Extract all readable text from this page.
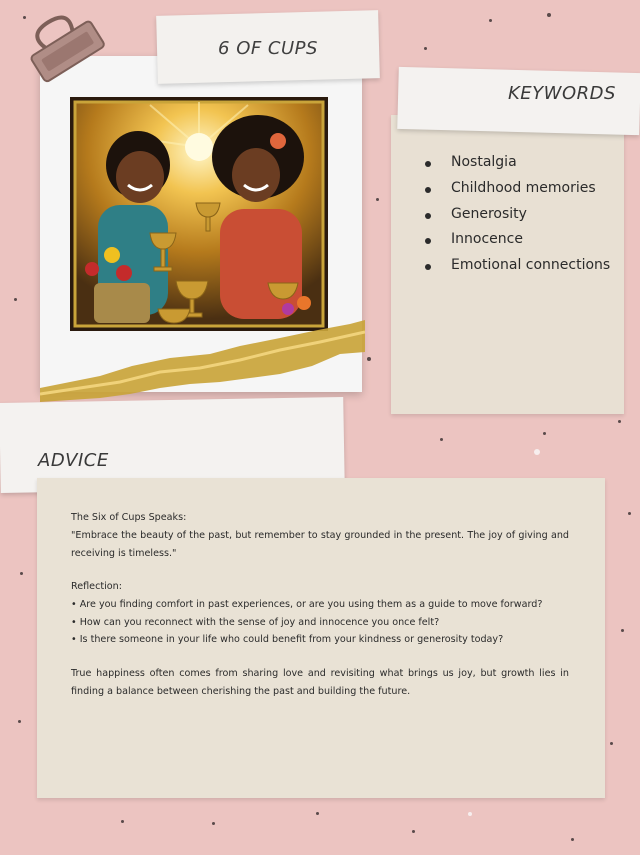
6 OF CUPS
KEYWORDS
Nostalgia
Childhood memories
Generosity
Innocence
Emotional connections
ADVICE
The Six of Cups Speaks:
"Embrace the beauty of the past, but remember to stay grounded in the present. The joy of giving and receiving is timeless."
Reflection:
• Are you finding comfort in past experiences, or are you using them as a guide to move forward?
• How can you reconnect with the sense of joy and innocence you once felt?
• Is there someone in your life who could benefit from your kindness or generosity today?
True happiness often comes from sharing love and revisiting what brings us joy, but growth lies in finding a balance between cherishing the past and building the future.
